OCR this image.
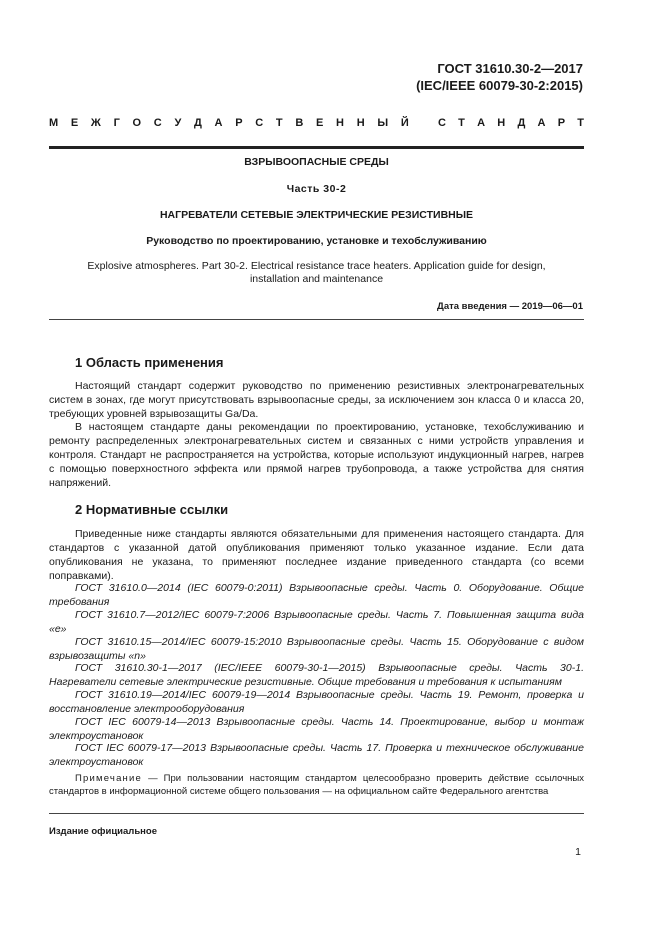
ГОСТ 31610.30-2—2017
(IEC/IEEE 60079-30-2:2015)
М Е Ж Г О С У Д А Р С Т В Е Н Н Ы Й	С Т А Н Д А Р Т
ВЗРЫВООПАСНЫЕ СРЕДЫ
Часть 30-2
НАГРЕВАТЕЛИ СЕТЕВЫЕ ЭЛЕКТРИЧЕСКИЕ РЕЗИСТИВНЫЕ
Руководство по проектированию, установке и техобслуживанию
Explosive atmospheres. Part 30-2. Electrical resistance trace heaters. Application guide for design,
installation and maintenance
Дата введения — 2019—06—01
1 Область применения
Настоящий стандарт содержит руководство по применению резистивных электронагревательных систем в зонах, где могут присутствовать взрывоопасные среды, за исключением зон класса 0 и класса 20, требующих уровней взрывозащиты Ga/Da.
В настоящем стандарте даны рекомендации по проектированию, установке, техобслуживанию и ремонту распределенных электронагревательных систем и связанных с ними устройств управления и контроля. Стандарт не распространяется на устройства, которые используют индукционный нагрев, нагрев с помощью поверхностного эффекта или прямой нагрев трубопровода, а также устройства для снятия напряжений.
2 Нормативные ссылки
Приведенные ниже стандарты являются обязательными для применения настоящего стандарта. Для стандартов с указанной датой опубликования применяют только указанное издание. Если дата опубликования не указана, то применяют последнее издание приведенного стандарта (со всеми поправками).
ГОСТ 31610.0—2014 (IEC 60079-0:2011) Взрывоопасные среды. Часть 0. Оборудование. Общие требования
ГОСТ 31610.7—2012/IEC 60079-7:2006 Взрывоопасные среды. Часть 7. Повышенная защита вида «е»
ГОСТ 31610.15—2014/IEC 60079-15:2010 Взрывоопасные среды. Часть 15. Оборудование с видом взрывозащиты «n»
ГОСТ 31610.30-1—2017 (IEC/IEEE 60079-30-1—2015) Взрывоопасные среды. Часть 30-1. Нагреватели сетевые электрические резистивные. Общие требования и требования к испытаниям
ГОСТ 31610.19—2014/IEC 60079-19—2014 Взрывоопасные среды. Часть 19. Ремонт, проверка и восстановление электрооборудования
ГОСТ IEC 60079-14—2013 Взрывоопасные среды. Часть 14. Проектирование, выбор и монтаж электроустановок
ГОСТ IEC 60079-17—2013 Взрывоопасные среды. Часть 17. Проверка и техническое обслуживание электроустановок
Примечание — При пользовании настоящим стандартом целесообразно проверить действие ссылочных стандартов в информационной системе общего пользования — на официальном сайте Федерального агентства
Издание официальное
1
